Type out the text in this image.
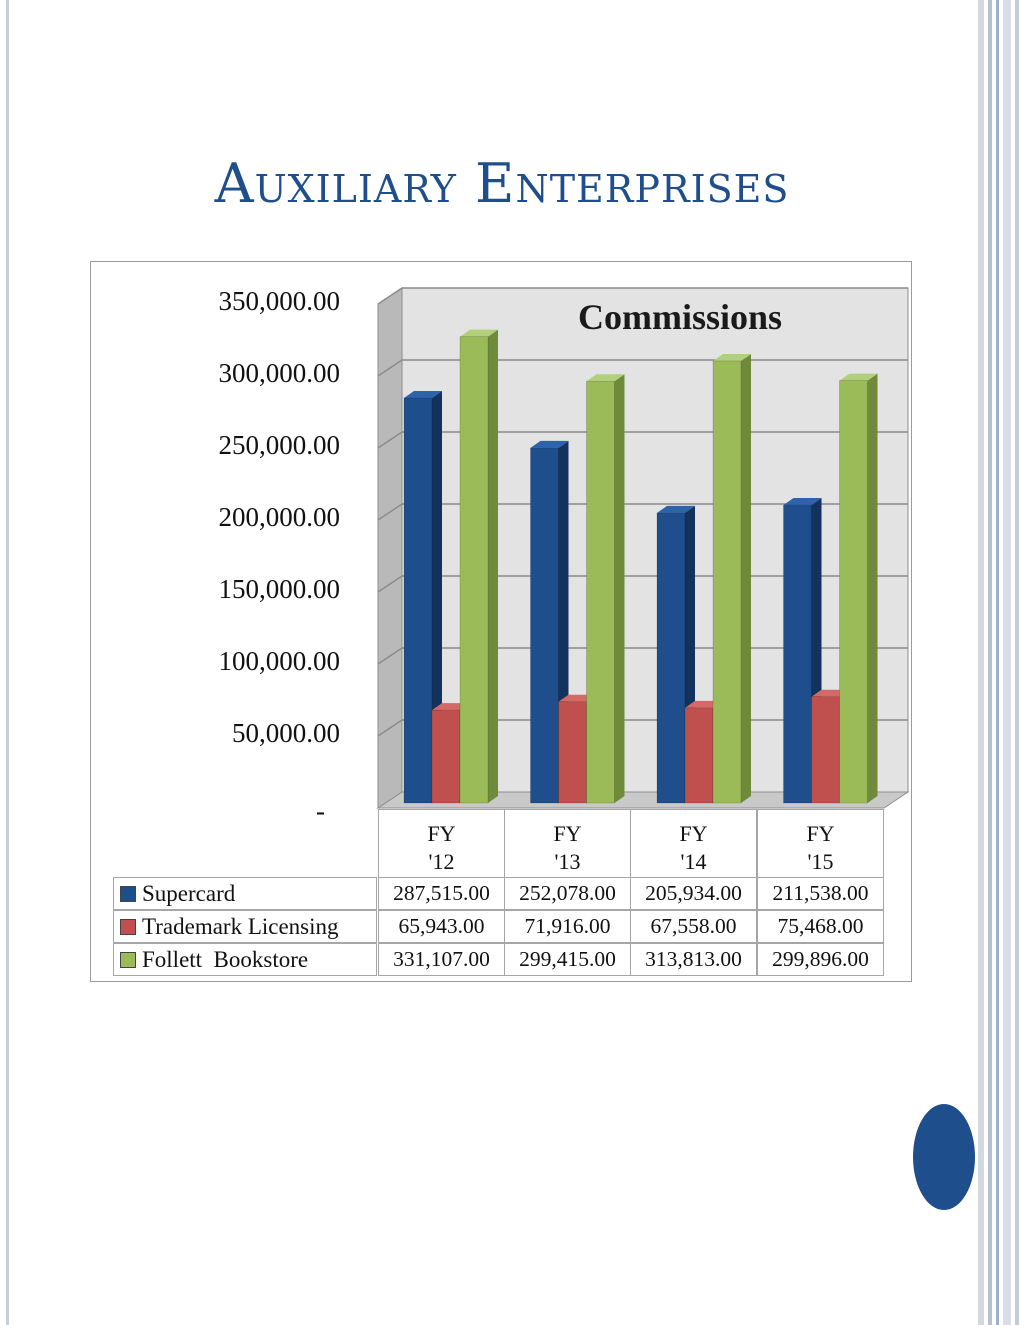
Auxiliary Enterprises
Commissions
-
50,000.00
100,000.00
150,000.00
200,000.00
250,000.00
300,000.00
350,000.00
FY
'12
FY
'13
FY
'14
FY
'15
Supercard	287,515.00	252,078.00	205,934.00	211,538.00
Trademark Licensing	65,943.00	71,916.00	67,558.00	75,468.00
Follett  Bookstore	331,107.00	299,415.00	313,813.00	299,896.00
